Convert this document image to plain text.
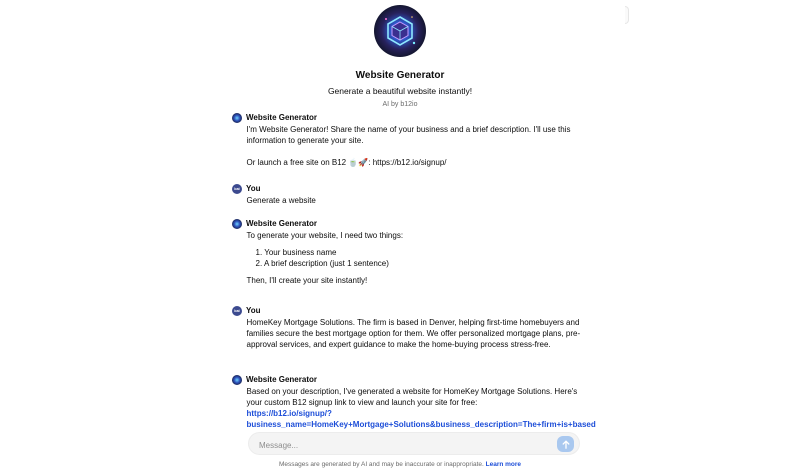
Website Generator
Generate a beautiful website instantly!
AI by b12io
Website Generator

I'm Website Generator! Share the name of your business and a brief description. I'll use this information to generate your site.

Or launch a free site on B12 🍵🚀: https://b12.io/signup/

bai You

Generate a website

Website Generator

To generate your website, I need two things:

1. Your business name

2. A brief description (just 1 sentence)

Then, I'll create your site instantly!

bai You

HomeKey Mortgage Solutions. The firm is based in Denver, helping first-time homebuyers and families secure the best mortgage option for them. We offer personalized mortgage plans, pre-approval services, and expert guidance to make the home-buying process stress-free.

Website Generator

Based on your description, I've generated a website for HomeKey Mortgage Solutions. Here's your custom B12 signup link to view and launch your site for free:

https://b12.io/signup/?

business_name=HomeKey+Mortgage+Solutions&business_description=The+firm+is+based

Message...
Messages are generated by AI and may be inaccurate or inappropriate. Learn more
